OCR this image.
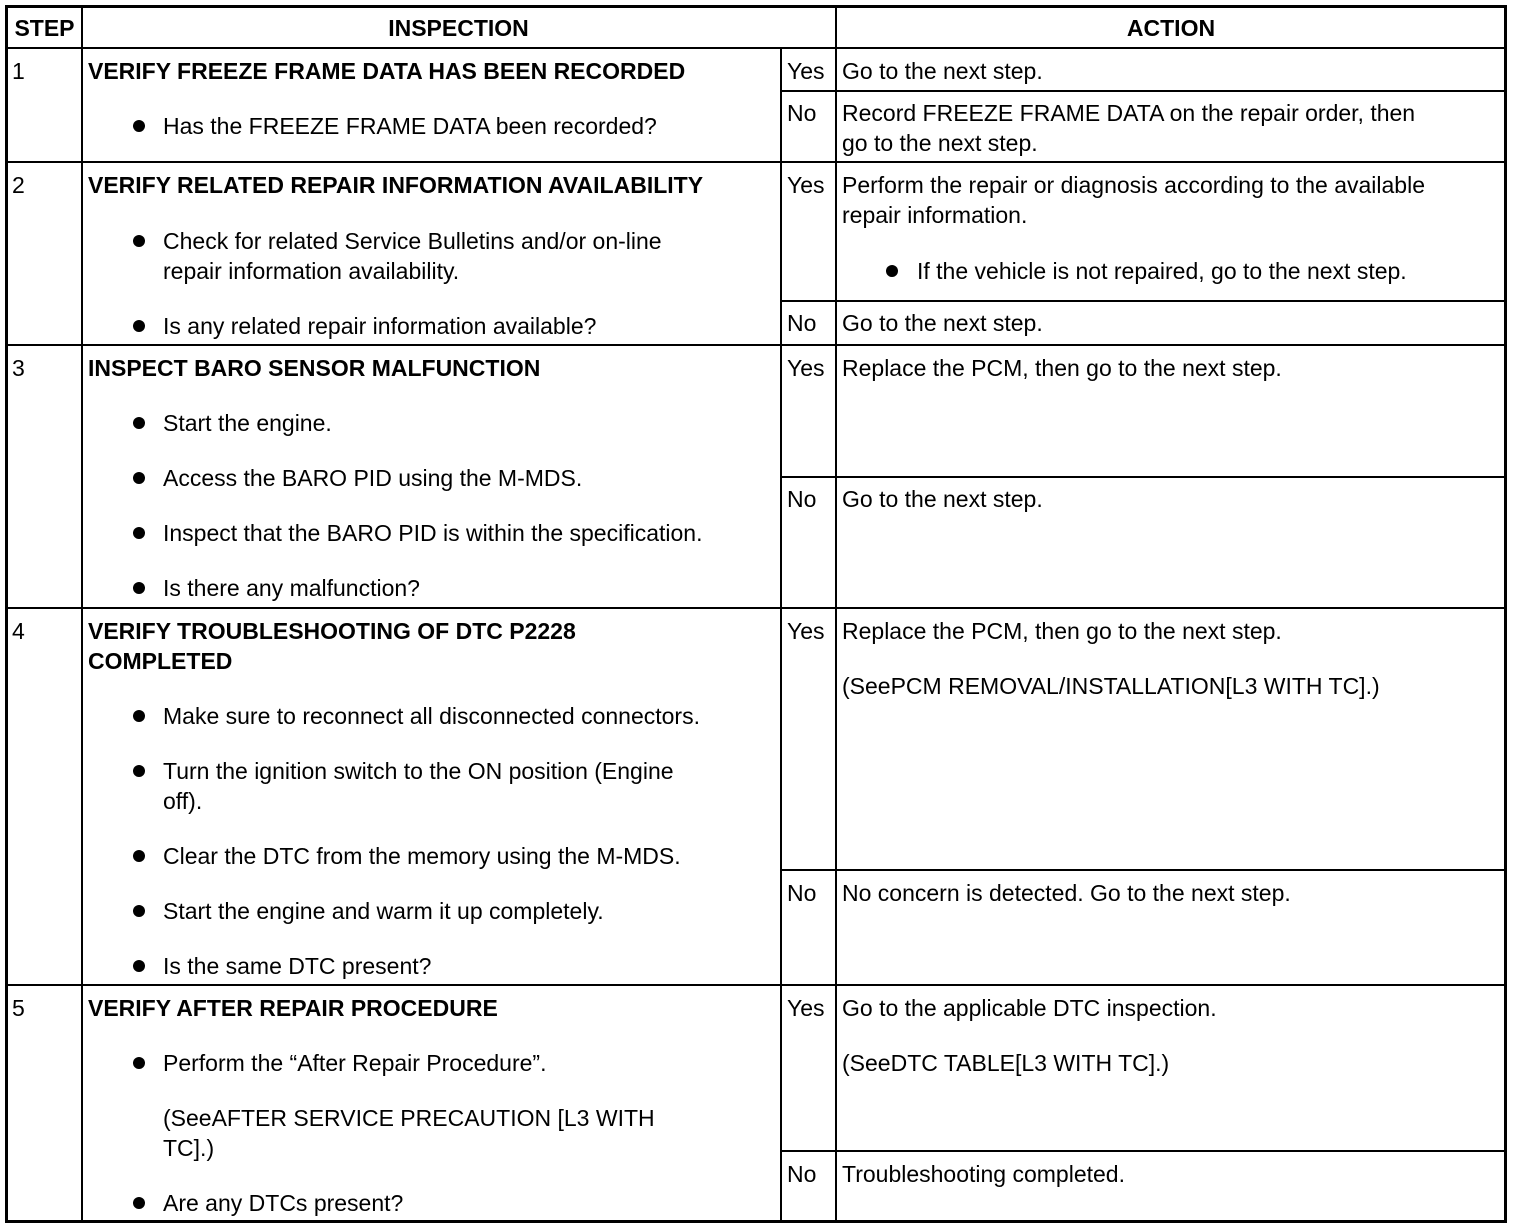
STEP	INSPECTION	ACTION
1	VERIFY FREEZE FRAME DATA HAS BEEN RECORDED
Has the FREEZE FRAME DATA been recorded?
Yes Go to the next step.
No Record FREEZE FRAME DATA on the repair order, then
go to the next step.
2	VERIFY RELATED REPAIR INFORMATION AVAILABILITY
Check for related Service Bulletins and/or on-line
repair information availability.
Is any related repair information available?
Yes Perform the repair or diagnosis according to the available
repair information.
If the vehicle is not repaired, go to the next step.
No Go to the next step.
3	INSPECT BARO SENSOR MALFUNCTION
Start the engine.
Access the BARO PID using the M-MDS.
Inspect that the BARO PID is within the specification.
Is there any malfunction?
Yes Replace the PCM, then go to the next step.
No Go to the next step.
4	VERIFY TROUBLESHOOTING OF DTC P2228
COMPLETED
Make sure to reconnect all disconnected connectors.
Turn the ignition switch to the ON position (Engine
off).
Clear the DTC from the memory using the M-MDS.
Start the engine and warm it up completely.
Is the same DTC present?
Yes Replace the PCM, then go to the next step.
(SeePCM REMOVAL/INSTALLATION[L3 WITH TC].)
No No concern is detected. Go to the next step.
5	VERIFY AFTER REPAIR PROCEDURE
Perform the “After Repair Procedure”.
(SeeAFTER SERVICE PRECAUTION [L3 WITH
TC].)
Are any DTCs present?
Yes Go to the applicable DTC inspection.
(SeeDTC TABLE[L3 WITH TC].)
No Troubleshooting completed.
